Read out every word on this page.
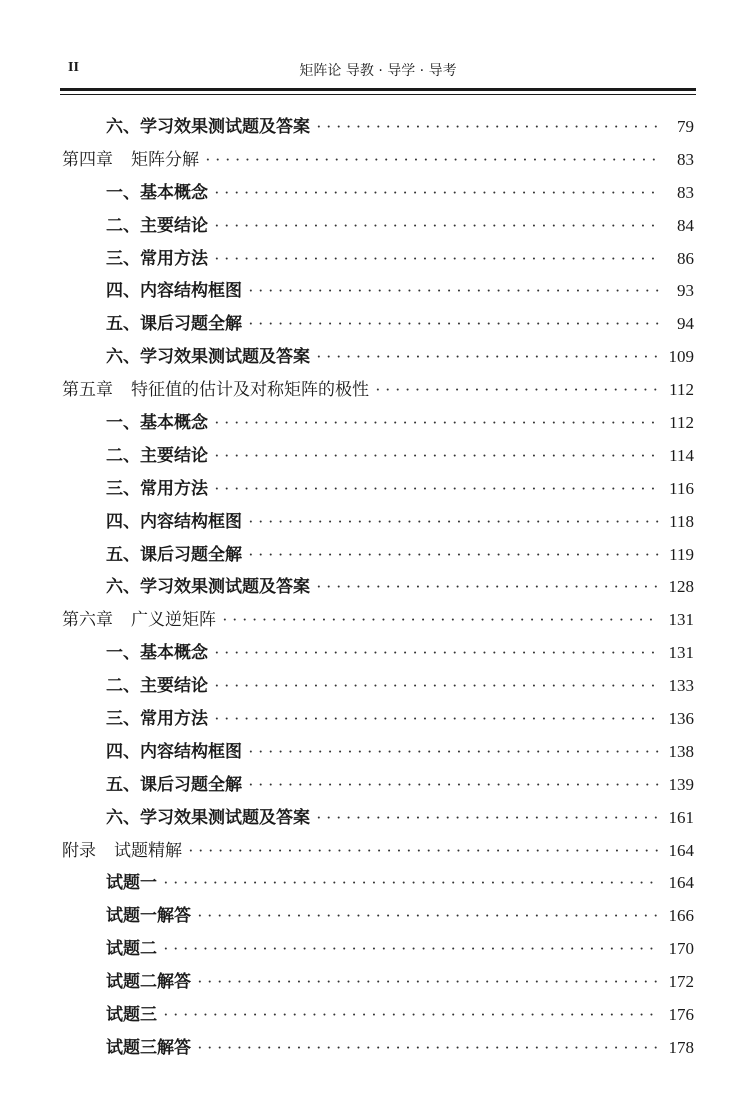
II	矩阵论 导教 · 导学 · 导考
六、学习效果测试题及答案 · · ·	79
第四章 矩阵分解 · · ·	83
一、基本概念 · · ·	83
二、主要结论 · · ·	84
三、常用方法 · · ·	86
四、内容结构框图 · · ·	93
五、课后习题全解 · · ·	94
六、学习效果测试题及答案 · · ·	109
第五章 特征值的估计及对称矩阵的极性 · · ·	112
一、基本概念 · · ·	112
二、主要结论 · · ·	114
三、常用方法 · · ·	116
四、内容结构框图 · · ·	118
五、课后习题全解 · · ·	119
六、学习效果测试题及答案 · · ·	128
第六章 广义逆矩阵 · · ·	131
一、基本概念 · · ·	131
二、主要结论 · · ·	133
三、常用方法 · · ·	136
四、内容结构框图 · · ·	138
五、课后习题全解 · · ·	139
六、学习效果测试题及答案 · · ·	161
附录 试题精解 · · ·	164
试题一 · · ·	164
试题一解答 · · ·	166
试题二 · · ·	170
试题二解答 · · ·	172
试题三 · · ·	176
试题三解答 · · ·	178
